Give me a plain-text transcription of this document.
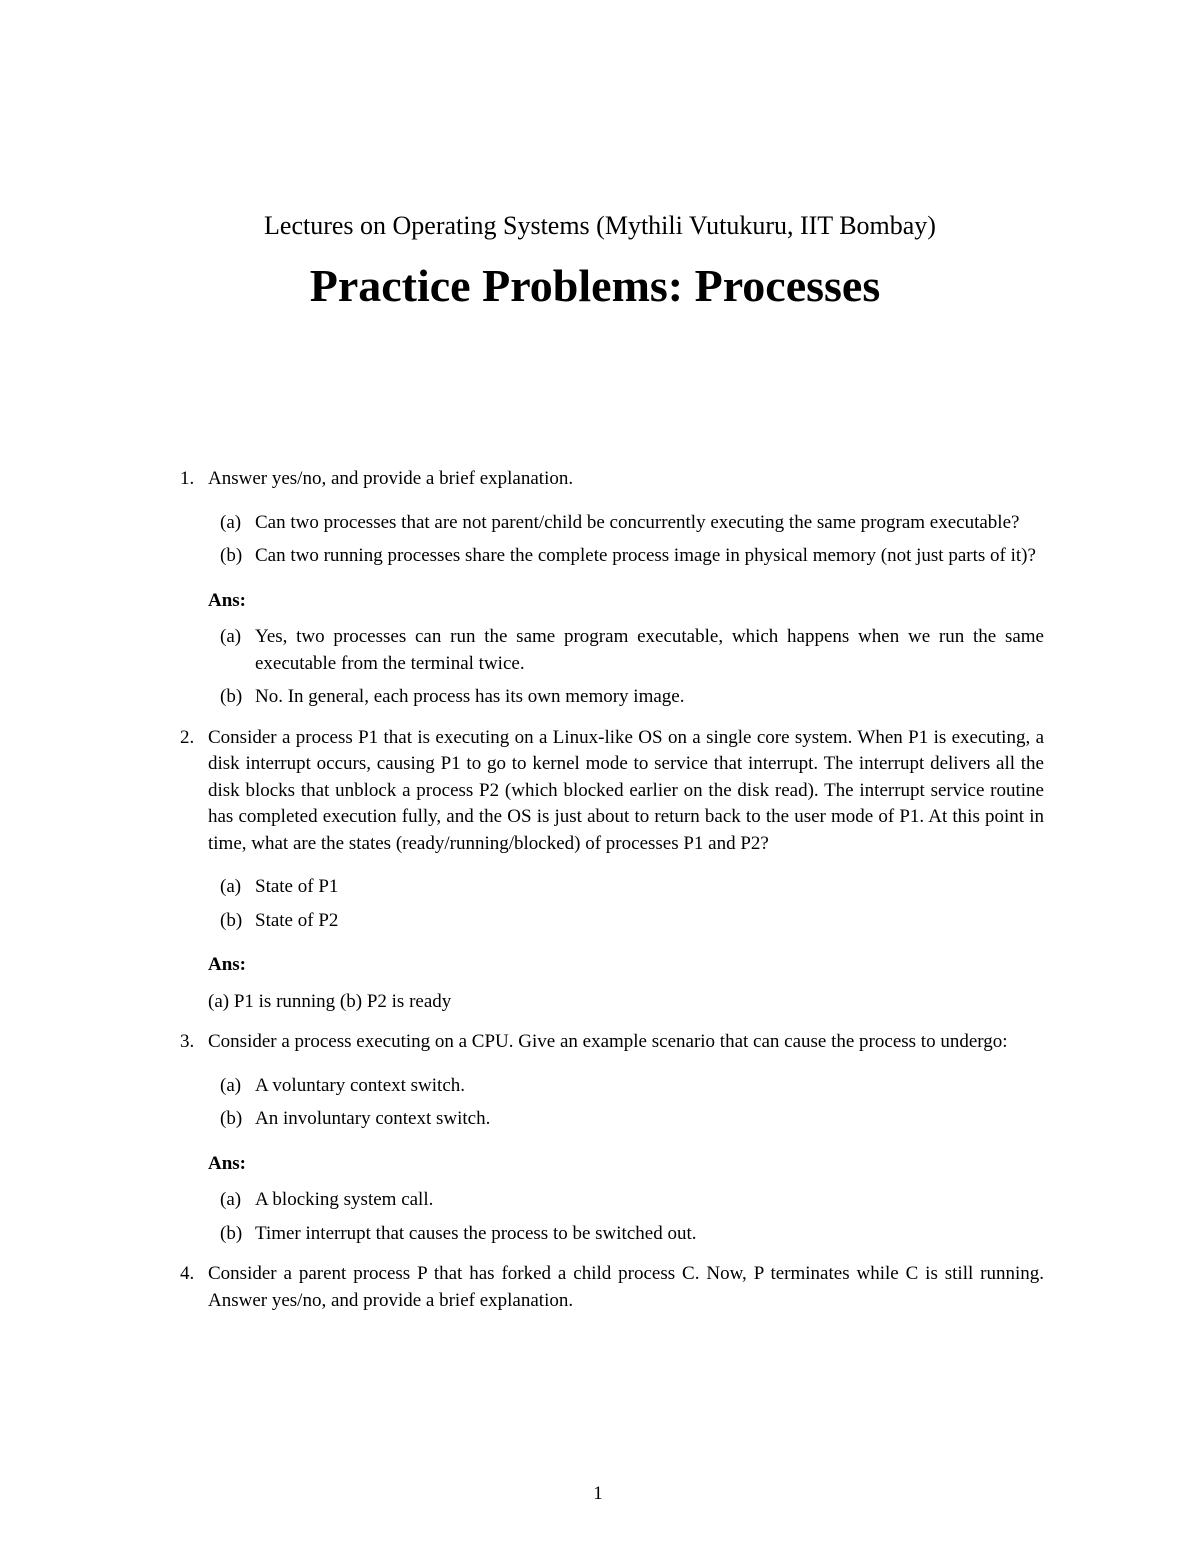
Lectures on Operating Systems (Mythili Vutukuru, IIT Bombay)
Practice Problems: Processes
1. Answer yes/no, and provide a brief explanation.
(a) Can two processes that are not parent/child be concurrently executing the same program executable?
(b) Can two running processes share the complete process image in physical memory (not just parts of it)?
Ans:
(a) Yes, two processes can run the same program executable, which happens when we run the same executable from the terminal twice.
(b) No. In general, each process has its own memory image.
2. Consider a process P1 that is executing on a Linux-like OS on a single core system. When P1 is executing, a disk interrupt occurs, causing P1 to go to kernel mode to service that interrupt. The interrupt delivers all the disk blocks that unblock a process P2 (which blocked earlier on the disk read). The interrupt service routine has completed execution fully, and the OS is just about to return back to the user mode of P1. At this point in time, what are the states (ready/running/blocked) of processes P1 and P2?
(a) State of P1
(b) State of P2
Ans:
(a) P1 is running (b) P2 is ready
3. Consider a process executing on a CPU. Give an example scenario that can cause the process to undergo:
(a) A voluntary context switch.
(b) An involuntary context switch.
Ans:
(a) A blocking system call.
(b) Timer interrupt that causes the process to be switched out.
4. Consider a parent process P that has forked a child process C. Now, P terminates while C is still running. Answer yes/no, and provide a brief explanation.
1
